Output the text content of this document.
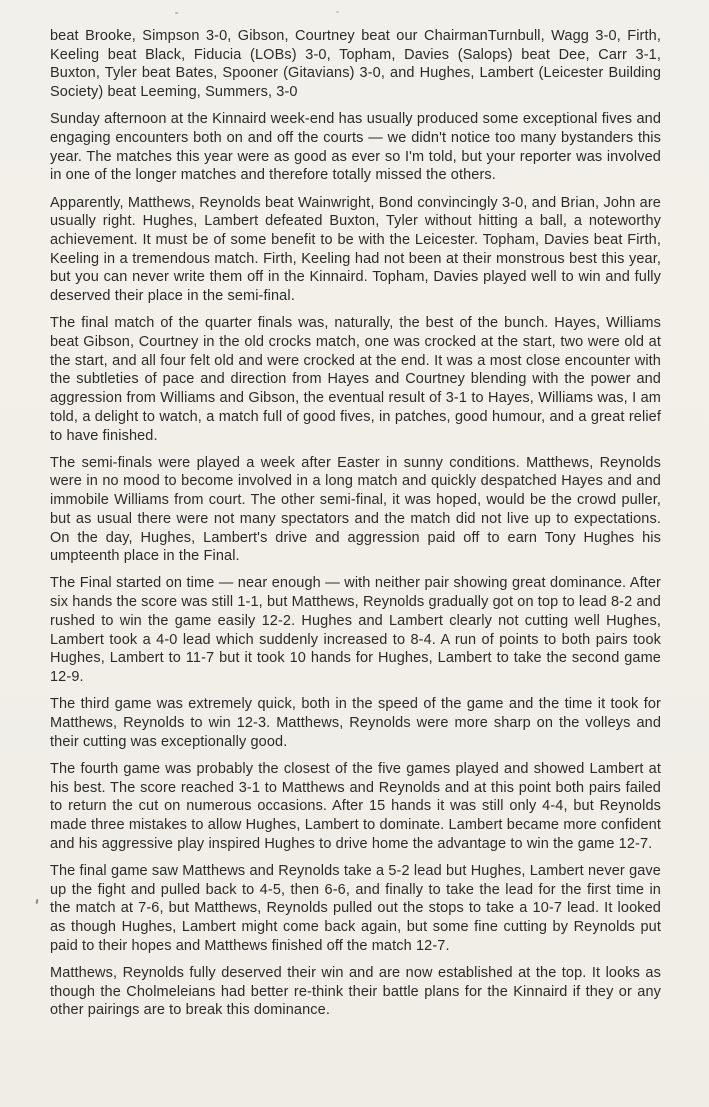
beat Brooke, Simpson 3-0, Gibson, Courtney beat our ChairmanTurnbull, Wagg 3-0, Firth, Keeling beat Black, Fiducia (LOBs) 3-0, Topham, Davies (Salops) beat Dee, Carr 3-1, Buxton, Tyler beat Bates, Spooner (Gitavians) 3-0, and Hughes, Lambert (Leicester Building Society) beat Leeming, Summers, 3-0

Sunday afternoon at the Kinnaird week-end has usually produced some exceptional fives and engaging encounters both on and off the courts — we didn't notice too many bystanders this year. The matches this year were as good as ever so I'm told, but your reporter was involved in one of the longer matches and therefore totally missed the others.

Apparently, Matthews, Reynolds beat Wainwright, Bond convincingly 3-0, and Brian, John are usually right. Hughes, Lambert defeated Buxton, Tyler without hitting a ball, a noteworthy achievement. It must be of some benefit to be with the Leicester. Topham, Davies beat Firth, Keeling in a tremendous match. Firth, Keeling had not been at their monstrous best this year, but you can never write them off in the Kinnaird. Topham, Davies played well to win and fully deserved their place in the semi-final.

The final match of the quarter finals was, naturally, the best of the bunch. Hayes, Williams beat Gibson, Courtney in the old crocks match, one was crocked at the start, two were old at the start, and all four felt old and were crocked at the end. It was a most close encounter with the subtleties of pace and direction from Hayes and Courtney blending with the power and aggression from Williams and Gibson, the eventual result of 3-1 to Hayes, Williams was, I am told, a delight to watch, a match full of good fives, in patches, good humour, and a great relief to have finished.

The semi-finals were played a week after Easter in sunny conditions. Matthews, Reynolds were in no mood to become involved in a long match and quickly despatched Hayes and and immobile Williams from court. The other semi-final, it was hoped, would be the crowd puller, but as usual there were not many spectators and the match did not live up to expectations. On the day, Hughes, Lambert's drive and aggression paid off to earn Tony Hughes his umpteenth place in the Final.

The Final started on time — near enough — with neither pair showing great dominance. After six hands the score was still 1-1, but Matthews, Reynolds gradually got on top to lead 8-2 and rushed to win the game easily 12-2. Hughes and Lambert clearly not cutting well Hughes, Lambert took a 4-0 lead which suddenly increased to 8-4. A run of points to both pairs took Hughes, Lambert to 11-7 but it took 10 hands for Hughes, Lambert to take the second game 12-9.

The third game was extremely quick, both in the speed of the game and the time it took for Matthews, Reynolds to win 12-3. Matthews, Reynolds were more sharp on the volleys and their cutting was exceptionally good.

The fourth game was probably the closest of the five games played and showed Lambert at his best. The score reached 3-1 to Matthews and Reynolds and at this point both pairs failed to return the cut on numerous occasions. After 15 hands it was still only 4-4, but Reynolds made three mistakes to allow Hughes, Lambert to dominate. Lambert became more confident and his aggressive play inspired Hughes to drive home the advantage to win the game 12-7.

The final game saw Matthews and Reynolds take a 5-2 lead but Hughes, Lambert never gave up the fight and pulled back to 4-5, then 6-6, and finally to take the lead for the first time in the match at 7-6, but Matthews, Reynolds pulled out the stops to take a 10-7 lead. It looked as though Hughes, Lambert might come back again, but some fine cutting by Reynolds put paid to their hopes and Matthews finished off the match 12-7.

Matthews, Reynolds fully deserved their win and are now established at the top. It looks as though the Cholmeleians had better re-think their battle plans for the Kinnaird if they or any other pairings are to break this dominance.
